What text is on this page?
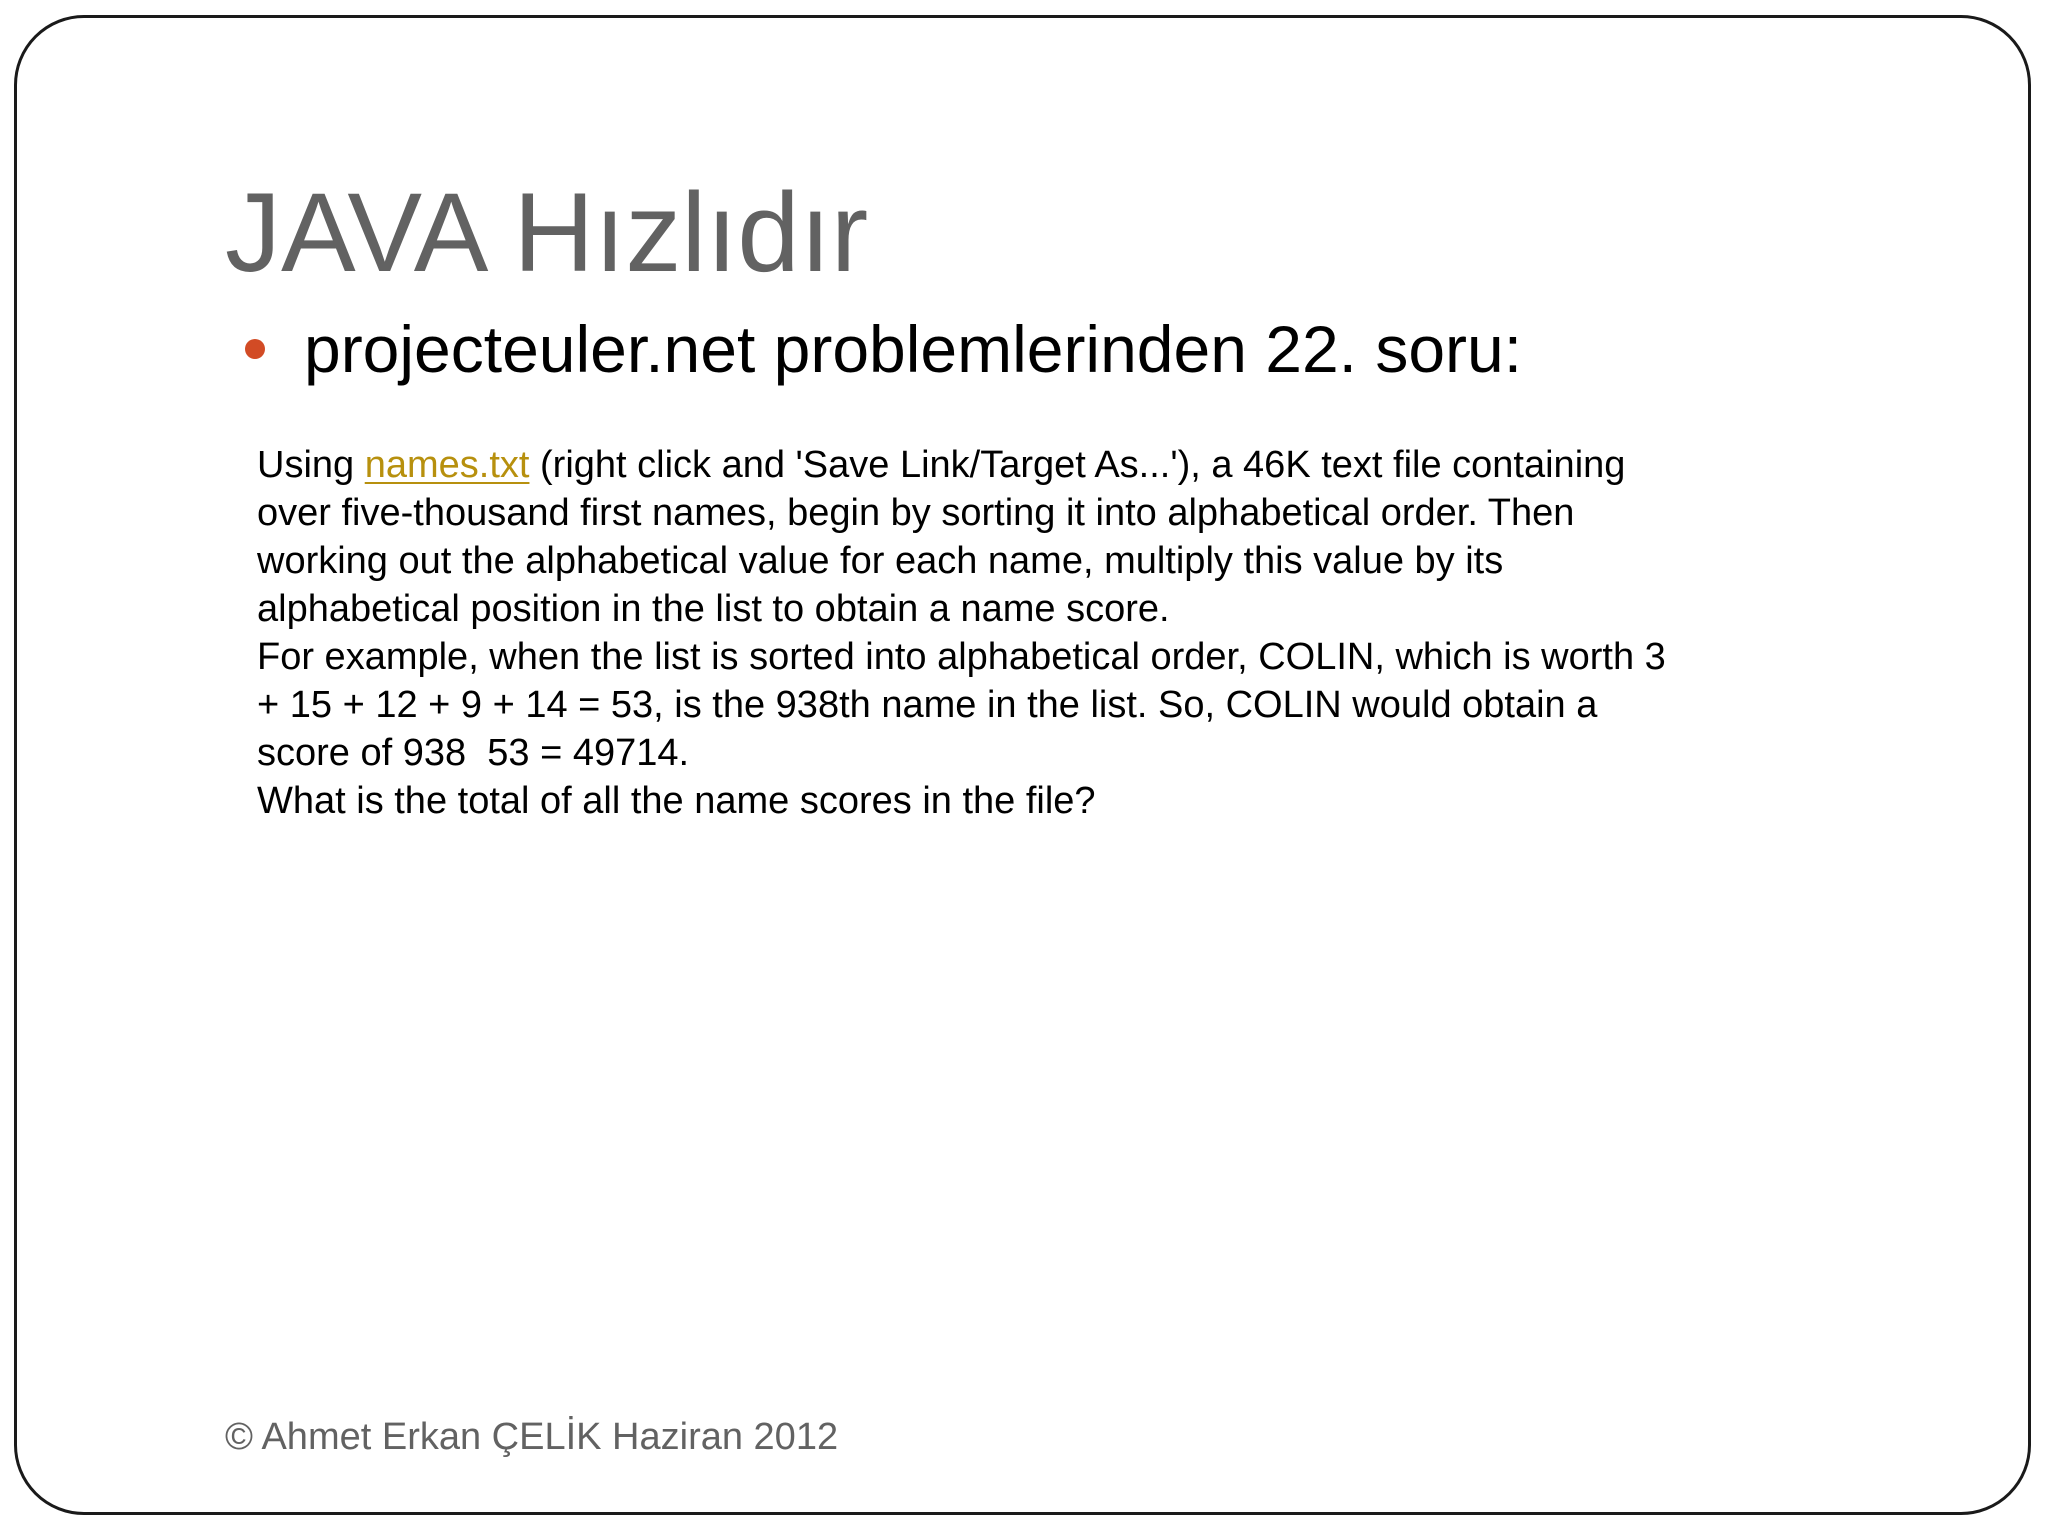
JAVA Hızlıdır
projecteuler.net problemlerinden 22. soru:
Using names.txt (right click and 'Save Link/Target As...'), a 46K text file containing
over five-thousand first names, begin by sorting it into alphabetical order. Then
working out the alphabetical value for each name, multiply this value by its
alphabetical position in the list to obtain a name score.
For example, when the list is sorted into alphabetical order, COLIN, which is worth 3
+ 15 + 12 + 9 + 14 = 53, is the 938th name in the list. So, COLIN would obtain a
score of 938  53 = 49714.
What is the total of all the name scores in the file?
© Ahmet Erkan ÇELİK Haziran 2012
